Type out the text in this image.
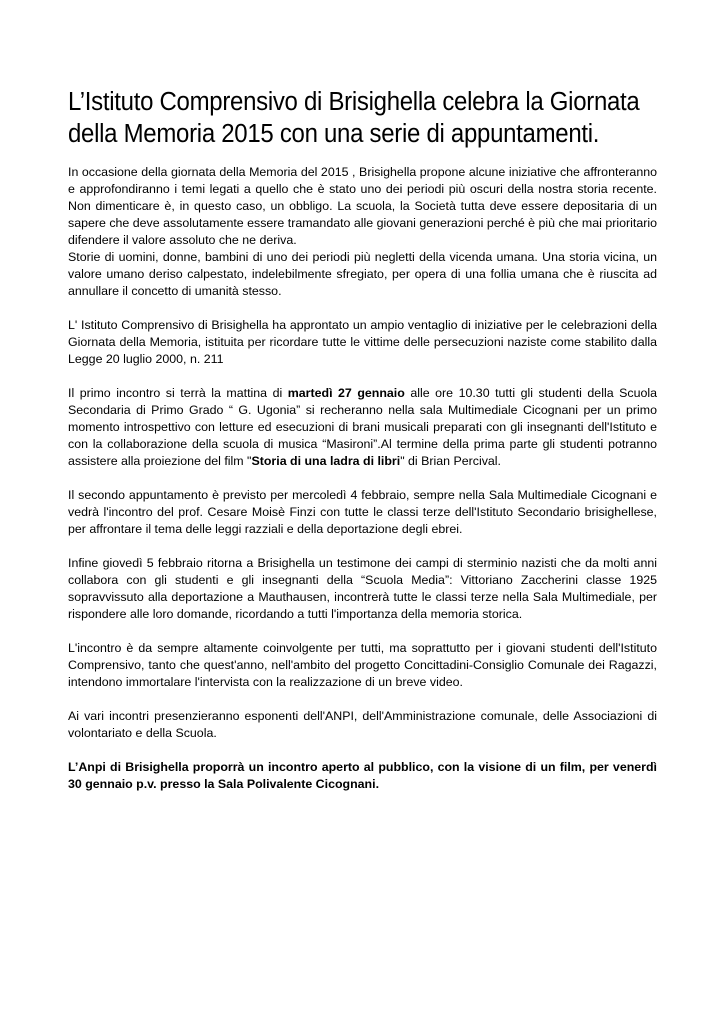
L’Istituto Comprensivo di Brisighella celebra la Giornata della Memoria 2015 con una serie di appuntamenti.

In occasione della giornata della Memoria del 2015 , Brisighella propone alcune iniziative che affronteranno e approfondiranno i temi legati a quello che è stato uno dei periodi più oscuri della nostra storia recente. Non dimenticare è, in questo caso, un obbligo. La scuola, la Società tutta deve essere depositaria di un sapere che deve assolutamente essere tramandato alle giovani generazioni perché è più che mai prioritario difendere il valore assoluto che ne deriva.

Storie di uomini, donne, bambini di uno dei periodi più negletti della vicenda umana. Una storia vicina, un valore umano deriso calpestato, indelebilmente sfregiato, per opera di una follia umana che è riuscita ad annullare il concetto di umanità stesso.

L' Istituto Comprensivo di Brisighella ha approntato un ampio ventaglio di iniziative per le celebrazioni della Giornata della Memoria, istituita per ricordare tutte le vittime delle persecuzioni naziste come stabilito dalla Legge 20 luglio 2000, n. 211

Il primo incontro si terrà la mattina di martedì 27 gennaio alle ore 10.30 tutti gli studenti della Scuola Secondaria di Primo Grado “ G. Ugonia” si recheranno nella sala Multimediale Cicognani per un primo momento introspettivo con letture ed esecuzioni di brani musicali preparati con gli insegnanti dell'Istituto e con la collaborazione della scuola di musica “Masironi”.Al termine della prima parte gli studenti potranno assistere alla proiezione del film "Storia di una ladra di libri" di Brian Percival.

Il secondo appuntamento è previsto per mercoledì 4 febbraio, sempre nella Sala Multimediale Cicognani e vedrà l'incontro del prof. Cesare Moisè Finzi con tutte le classi terze dell'Istituto Secondario brisighellese, per affrontare il tema delle leggi razziali e della deportazione degli ebrei.

Infine giovedì 5 febbraio ritorna a Brisighella un testimone dei campi di sterminio nazisti che da molti anni collabora con gli studenti e gli insegnanti della “Scuola Media”: Vittoriano Zaccherini classe 1925 sopravvissuto alla deportazione a Mauthausen, incontrerà tutte le classi terze nella Sala Multimediale, per rispondere alle loro domande, ricordando a tutti l'importanza della memoria storica.

L'incontro è da sempre altamente coinvolgente per tutti, ma soprattutto per i giovani studenti dell'Istituto Comprensivo, tanto che quest'anno, nell'ambito del progetto Concittadini-Consiglio Comunale dei Ragazzi, intendono immortalare l'intervista con la realizzazione di un breve video.

Ai vari incontri presenzieranno esponenti dell'ANPI, dell'Amministrazione comunale, delle Associazioni di volontariato e della Scuola.

L’Anpi di Brisighella proporrà un incontro aperto al pubblico, con la visione di un film, per venerdì 30 gennaio p.v. presso la Sala Polivalente Cicognani.
